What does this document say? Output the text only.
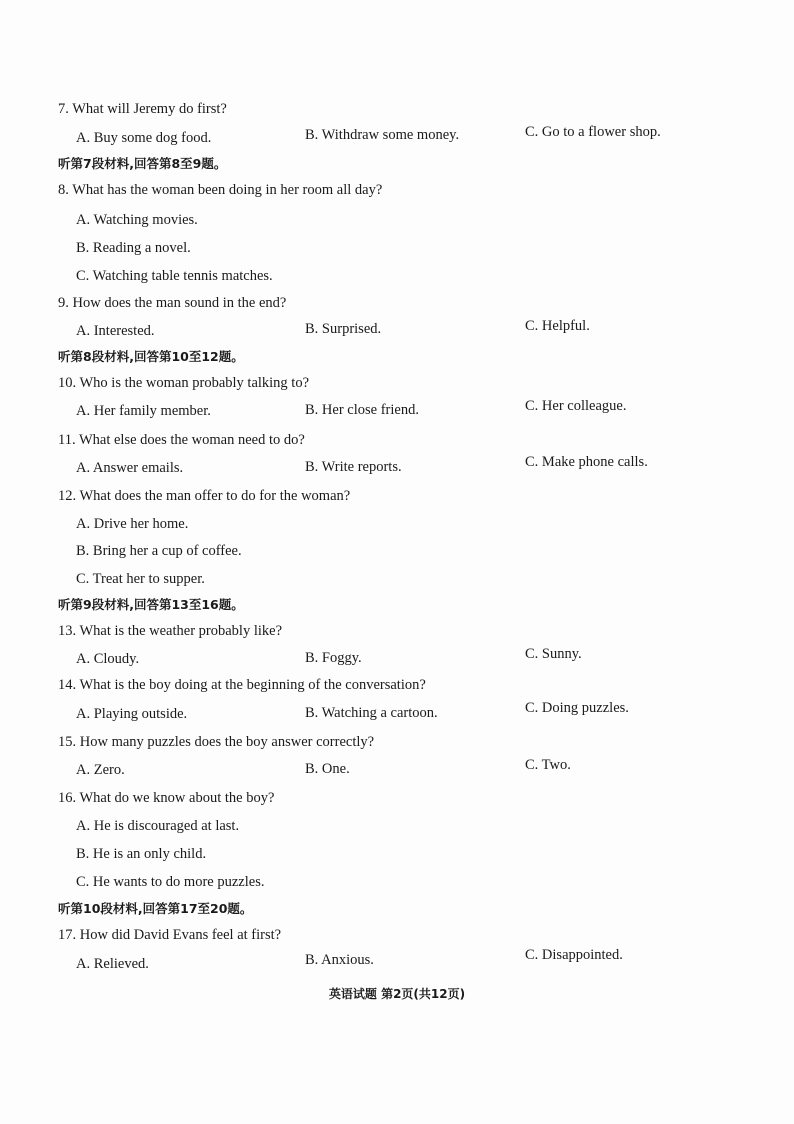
7. What will Jeremy do first?
A. Buy some dog food.	B. Withdraw some money.	C. Go to a flower shop.
听第7段材料,回答第8至9题。
8. What has the woman been doing in her room all day?
A. Watching movies.
B. Reading a novel.
C. Watching table tennis matches.
9. How does the man sound in the end?
A. Interested.	B. Surprised.	C. Helpful.
听第8段材料,回答第10至12题。
10. Who is the woman probably talking to?
A. Her family member.	B. Her close friend.	C. Her colleague.
11. What else does the woman need to do?
A. Answer emails.	B. Write reports.	C. Make phone calls.
12. What does the man offer to do for the woman?
A. Drive her home.
B. Bring her a cup of coffee.
C. Treat her to supper.
听第9段材料,回答第13至16题。
13. What is the weather probably like?
A. Cloudy.	B. Foggy.	C. Sunny.
14. What is the boy doing at the beginning of the conversation?
A. Playing outside.	B. Watching a cartoon.	C. Doing puzzles.
15. How many puzzles does the boy answer correctly?
A. Zero.	B. One.	C. Two.
16. What do we know about the boy?
A. He is discouraged at last.
B. He is an only child.
C. He wants to do more puzzles.
听第10段材料,回答第17至20题。
17. How did David Evans feel at first?
A. Relieved.	B. Anxious.	C. Disappointed.
英语试题 第2页(共12页)
